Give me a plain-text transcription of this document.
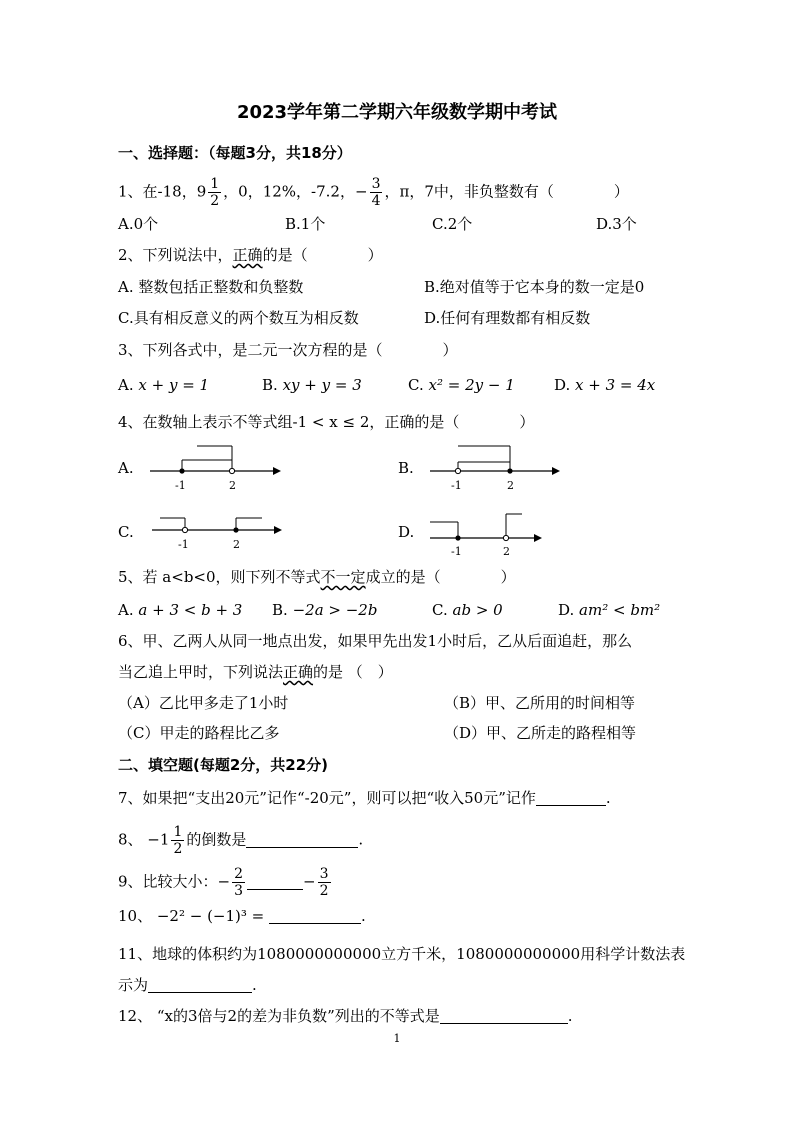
2023学年第二学期六年级数学期中考试
一、选择题：（每题3分，共18分）
1、在-18，$9 \frac{1}{2}$ ，0，12%，-7.2，− $\frac{3}{4}$ ，π，7中，非负整数有（　　　　）
A.0个	B.1个	C.2个	D.3个
2、下列说法中，正确的是（　　　　）
A. 整数包括正整数和负整数	B.绝对值等于它本身的数一定是0
C.具有相反意义的两个数互为相反数	D.任何有理数都有相反数
3、下列各式中，是二元一次方程的是（　　　　）
A. x + y = 1	B. xy + y = 3	C. x² = 2y − 1	D. x + 3 = 4x
4、在数轴上表示不等式组-1 < x ≤ 2，正确的是（　　　　）
A.
-1	2
B.
-1	2
C.
-1	2
D.
-1	2
5、若 a<b<0，则下列不等式不一定成立的是（　　　　）
A. a + 3 < b + 3 B. −2a > −2b	C. ab > 0	D. am² < bm²
6、甲、乙两人从同一地点出发，如果甲先出发1小时后，乙从后面追赶，那么
当乙追上甲时，下列说法正确的是 （　）
（A）乙比甲多走了1小时	（B）甲、乙所用的时间相等
（C）甲走的路程比乙多	（D）甲、乙所走的路程相等
二、填空题(每题2分，共22分)
7、如果把“支出20元”记作“-20元”，则可以把“收入50元”记作	.
8、 $-1 \frac{1}{2}$ 的倒数是	.
9、比较大小：− $\frac{2}{3}$	− $\frac{3}{2}$
10、 −2² − (−1)³ =	.
11、地球的体积约为1080000000000立方千米，1080000000000用科学计数法表
示为	.
12、 “x的3倍与2的差为非负数”列出的不等式是	.
1
